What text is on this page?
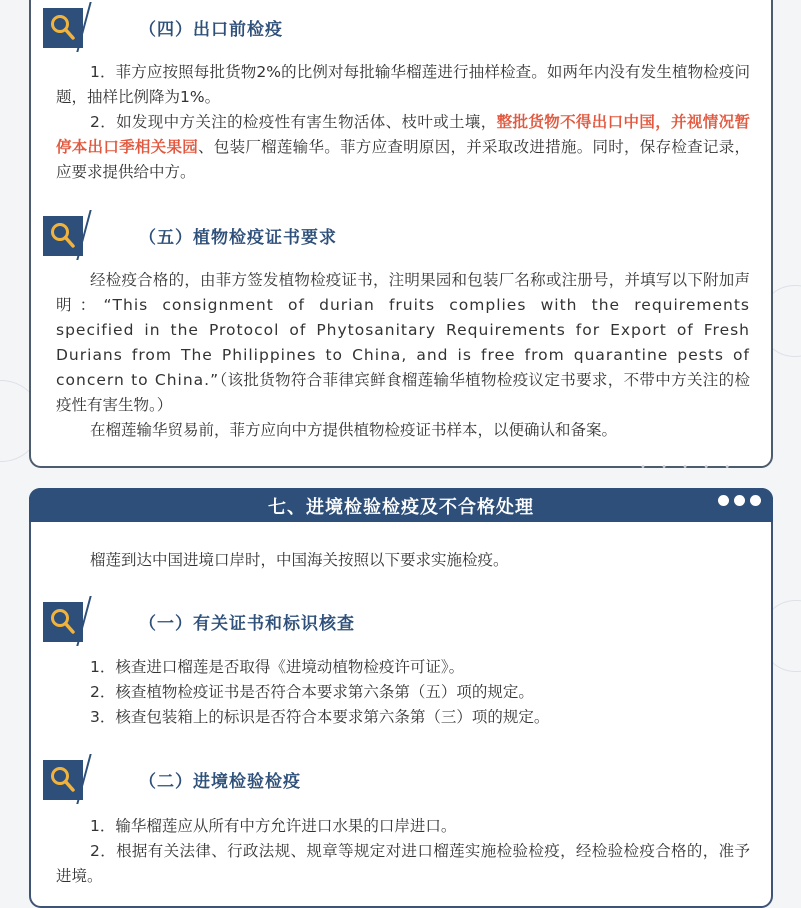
（四）出口前检疫

1．菲方应按照每批货物2%的比例对每批输华榴莲进行抽样检查。如两年内没有发生植物检疫问题，抽样比例降为1%。

2．如发现中方关注的检疫性有害生物活体、枝叶或土壤，整批货物不得出口中国，并视情况暂停本出口季相关果园、包装厂榴莲输华。菲方应查明原因，并采取改进措施。同时，保存检查记录，应要求提供给中方。

（五）植物检疫证书要求

经检疫合格的，由菲方签发植物检疫证书，注明果园和包装厂名称或注册号，并填写以下附加声明：“This consignment of durian fruits complies with the requirements specified in the Protocol of Phytosanitary Requirements for Export of Fresh Durians from The Philippines to China, and is free from quarantine pests of concern to China.”（该批货物符合菲律宾鲜食榴莲输华植物检疫议定书要求，不带中方关注的检疫性有害生物。）

在榴莲输华贸易前，菲方应向中方提供植物检疫证书样本，以便确认和备案。

• • • • •
七、进境检验检疫及不合格处理

榴莲到达中国进境口岸时，中国海关按照以下要求实施检疫。

（一）有关证书和标识核查

1．核查进口榴莲是否取得《进境动植物检疫许可证》。

2．核查植物检疫证书是否符合本要求第六条第（五）项的规定。

3．核查包装箱上的标识是否符合本要求第六条第（三）项的规定。

（二）进境检验检疫

1．输华榴莲应从所有中方允许进口水果的口岸进口。

2．根据有关法律、行政法规、规章等规定对进口榴莲实施检验检疫，经检验检疫合格的，准予进境。
